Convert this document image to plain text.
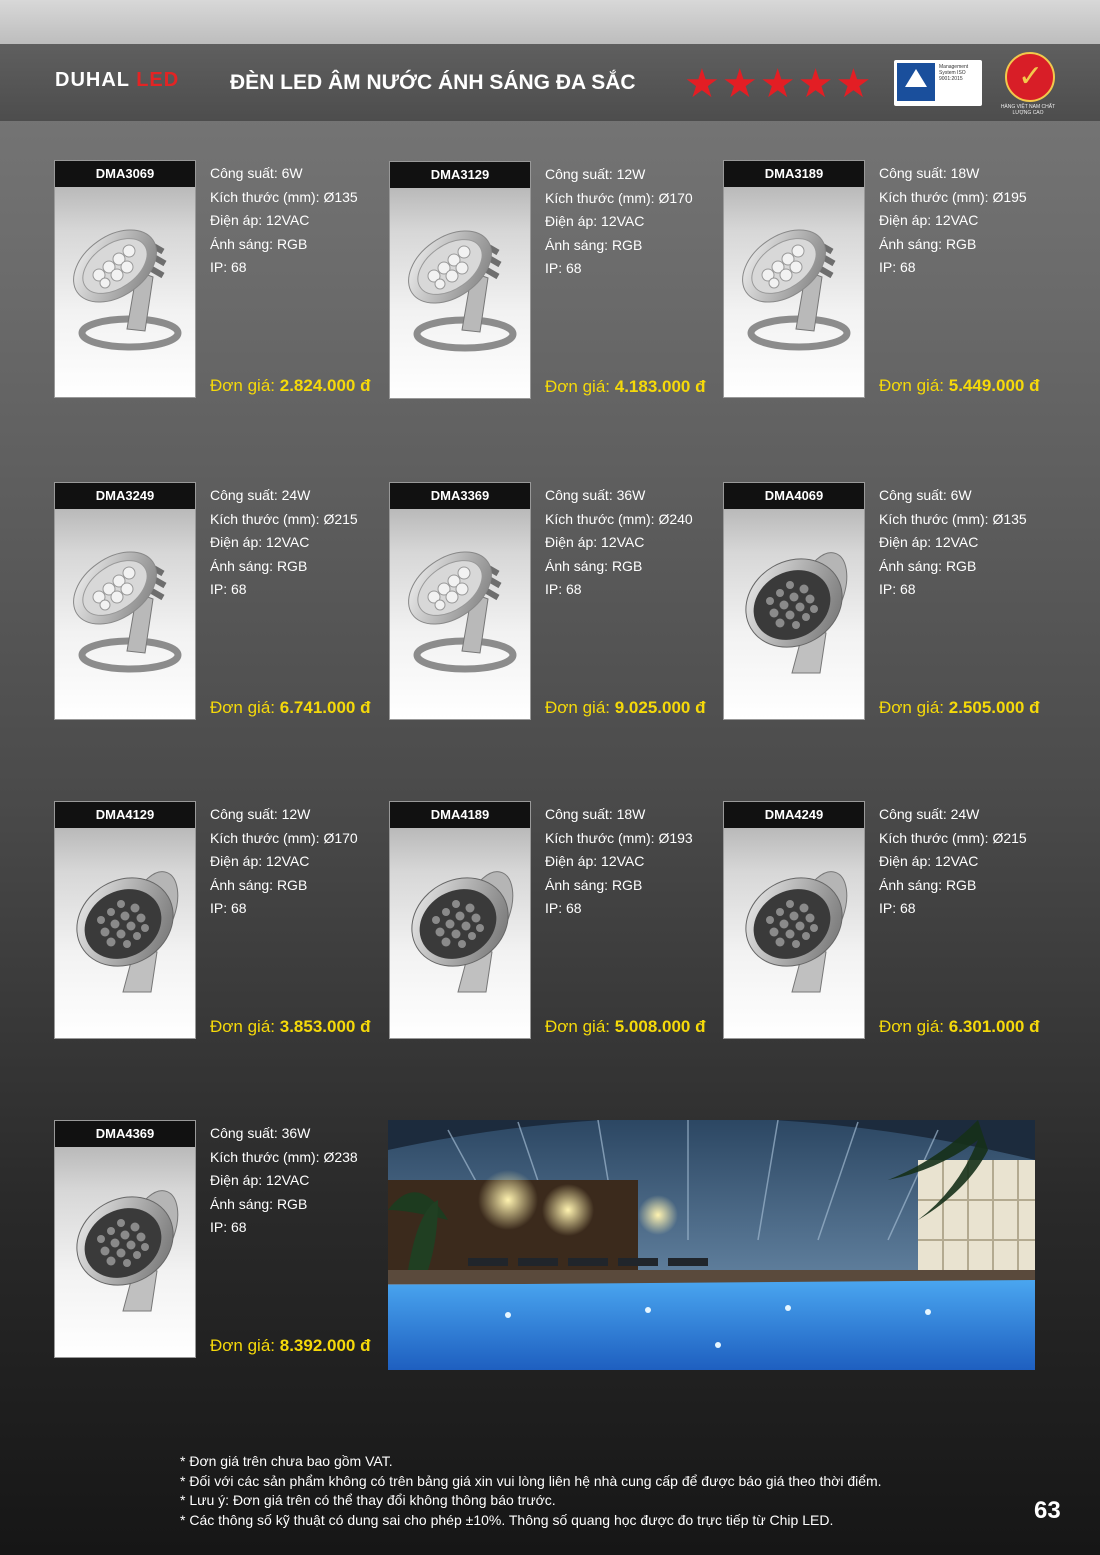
DUHAL LED ĐÈN LED ÂM NƯỚC ÁNH SÁNG ĐA SẮC ★ ★ ★ ★ ★	Management System ISO 9001:2015	✓
HÀNG VIỆT NAM CHẤT LƯỢNG CAO
DMA3069	Công suất: 6W
Kích thước (mm): Ø135
Điện áp: 12VAC
Ánh sáng: RGB
IP: 68
Đơn giá: 2.824.000 đ
DMA3129	Công suất: 12W
Kích thước (mm): Ø170
Điện áp: 12VAC
Ánh sáng: RGB
IP: 68
Đơn giá: 4.183.000 đ
DMA3189	Công suất: 18W
Kích thước (mm): Ø195
Điện áp: 12VAC
Ánh sáng: RGB
IP: 68
Đơn giá: 5.449.000 đ
DMA3249	Công suất: 24W
Kích thước (mm): Ø215
Điện áp: 12VAC
Ánh sáng: RGB
IP: 68
Đơn giá: 6.741.000 đ
DMA3369	Công suất: 36W
Kích thước (mm): Ø240
Điện áp: 12VAC
Ánh sáng: RGB
IP: 68
Đơn giá: 9.025.000 đ
DMA4069	Công suất: 6W
Kích thước (mm): Ø135
Điện áp: 12VAC
Ánh sáng: RGB
IP: 68
Đơn giá: 2.505.000 đ
DMA4129	Công suất: 12W
Kích thước (mm): Ø170
Điện áp: 12VAC
Ánh sáng: RGB
IP: 68
Đơn giá: 3.853.000 đ
DMA4189	Công suất: 18W
Kích thước (mm): Ø193
Điện áp: 12VAC
Ánh sáng: RGB
IP: 68
Đơn giá: 5.008.000 đ
DMA4249	Công suất: 24W
Kích thước (mm): Ø215
Điện áp: 12VAC
Ánh sáng: RGB
IP: 68
Đơn giá: 6.301.000 đ
DMA4369	Công suất: 36W
Kích thước (mm): Ø238
Điện áp: 12VAC
Ánh sáng: RGB
IP: 68
Đơn giá: 8.392.000 đ
* Đơn giá trên chưa bao gồm VAT.
* Đối với các sản phẩm không có trên bảng giá xin vui lòng liên hệ nhà cung cấp để được báo giá theo thời điểm.
* Lưu ý: Đơn giá trên có thể thay đổi không thông báo trước.
* Các thông số kỹ thuật có dung sai cho phép ±10%. Thông số quang học được đo trực tiếp từ Chip LED.	63
